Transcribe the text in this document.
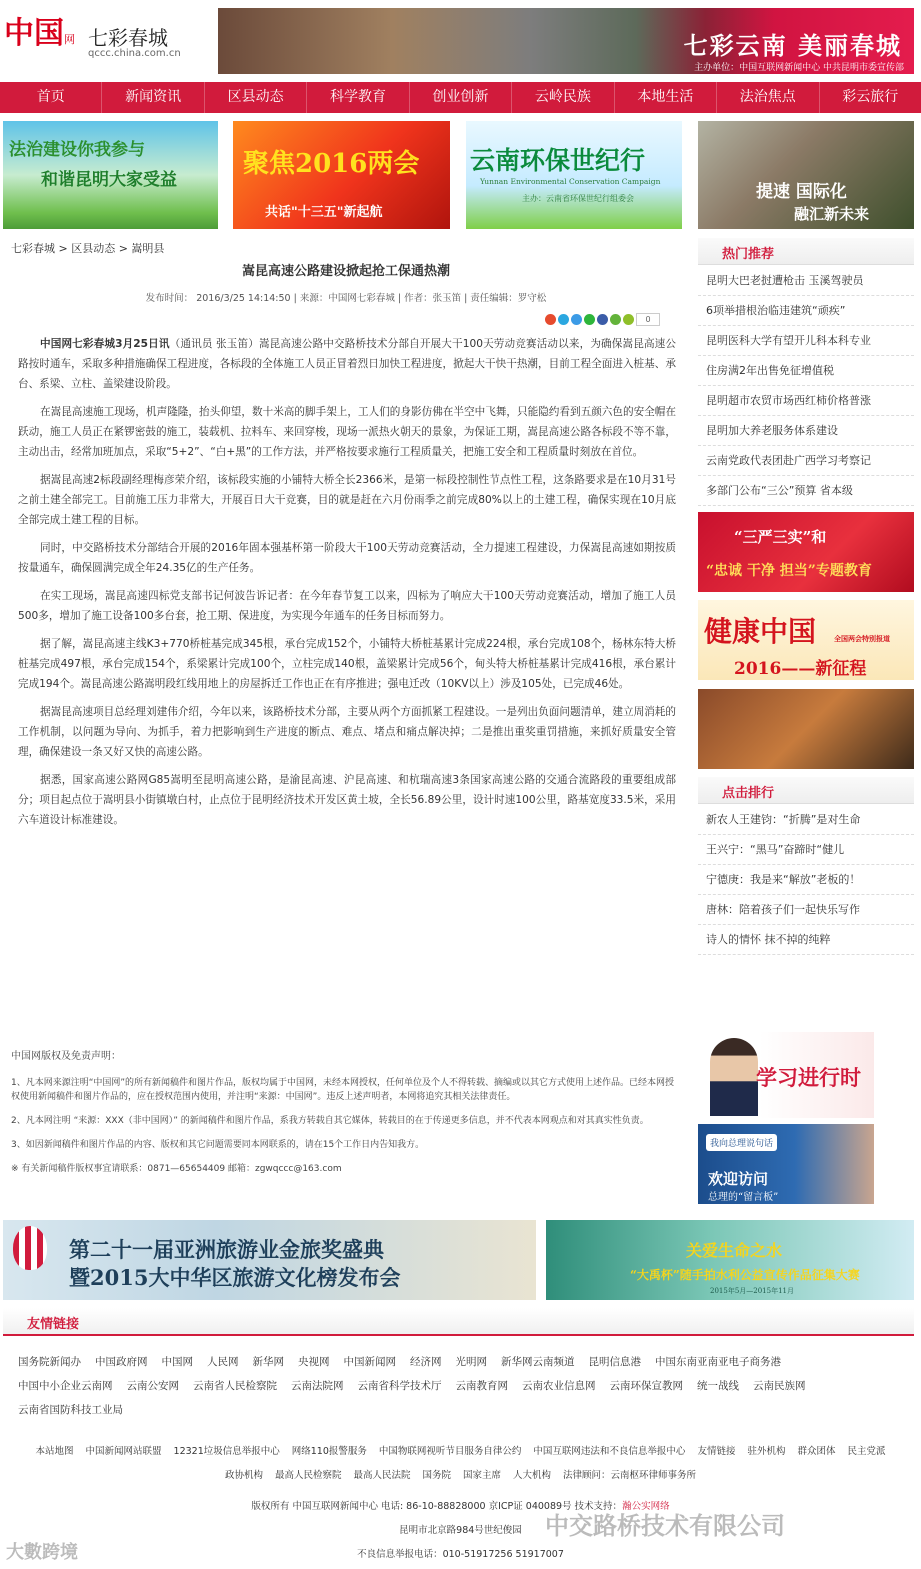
中国网 七彩春城
qccc.china.com.cn	七彩云南 美丽春城
主办单位：中国互联网新闻中心 中共昆明市委宣传部
首页	新闻资讯	区县动态	科学教育	创业创新	云岭民族	本地生活	法治焦点	彩云旅行
法治建设你我参与
和谐昆明大家受益
聚焦2016两会
共话"十三五"新起航
云南环保世纪行
Yunnan Environmental Conservation Campaign
主办：云南省环保世纪行组委会	提速 国际化
融汇新未来
七彩春城 > 区县动态 > 嵩明县
嵩昆高速公路建设掀起抢工保通热潮
发布时间： 2016/3/25 14:14:50 | 来源：中国网七彩春城 | 作者：张玉笛 | 责任编辑：罗守松
0

中国网七彩春城3月25日讯（通讯员 张玉笛）嵩昆高速公路中交路桥技术分部自开展大干100天劳动竞赛活动以来，为确保嵩昆高速公路按时通车，采取多种措施确保工程进度，各标段的全体施工人员正冒着烈日加快工程进度，掀起大干快干热潮，目前工程全面进入桩基、承台、系梁、立柱、盖梁建设阶段。

在嵩昆高速施工现场，机声隆隆，抬头仰望，数十米高的脚手架上，工人们的身影仿佛在半空中飞舞，只能隐约看到五颜六色的安全帽在跃动，施工人员正在紧锣密鼓的施工，装载机、拉料车、来回穿梭，现场一派热火朝天的景象，为保证工期，嵩昆高速公路各标段不等不靠，主动出击，经常加班加点，采取“5+2”、“白+黑”的工作方法，并严格按要求施行工程质量关，把施工安全和工程质量时刻放在首位。

据嵩昆高速2标段副经理梅彦荣介绍，该标段实施的小铺特大桥全长2366米，是第一标段控制性节点性工程，这条路要求是在10月31号之前土建全部完工。目前施工压力非常大，开展百日大干竞赛，目的就是赶在六月份雨季之前完成80%以上的土建工程，确保实现在10月底全部完成土建工程的目标。

同时，中交路桥技术分部结合开展的2016年固本强基杯第一阶段大干100天劳动竞赛活动，全力提速工程建设，力保嵩昆高速如期按质按量通车，确保圆满完成全年24.35亿的生产任务。

在实工现场，嵩昆高速四标党支部书记何波告诉记者：在今年春节复工以来，四标为了响应大干100天劳动竞赛活动，增加了施工人员500多，增加了施工设备100多台套，抢工期、保进度，为实现今年通车的任务目标而努力。

据了解，嵩昆高速主线K3+770桥桩基完成345根，承台完成152个，小铺特大桥桩基累计完成224根，承台完成108个，杨林东特大桥桩基完成497根，承台完成154个，系梁累计完成100个，立柱完成140根，盖梁累计完成56个，甸头特大桥桩基累计完成416根，承台累计完成194个。嵩昆高速公路嵩明段红线用地上的房屋拆迁工作也正在有序推进；强电迁改（10KV以上）涉及105处，已完成46处。

据嵩昆高速项目总经理刘建伟介绍，今年以来，该路桥技术分部，主要从两个方面抓紧工程建设。一是列出负面问题清单，建立周消耗的工作机制，以问题为导向、为抓手，着力把影响到生产进度的断点、难点、堵点和痛点解决掉；二是推出重奖重罚措施，来抓好质量安全管理，确保建设一条又好又快的高速公路。

据悉，国家高速公路网G85嵩明至昆明高速公路，是渝昆高速、沪昆高速、和杭瑞高速3条国家高速公路的交通合流路段的重要组成部分；项目起点位于嵩明县小街镇墩白村，止点位于昆明经济技术开发区黄土坡，全长56.89公里，设计时速100公里，路基宽度33.5米，采用六车道设计标准建设。

热门推荐
昆明大巴老挝遭枪击 玉溪驾驶员
6项举措根治临违建筑“顽疾”
昆明医科大学有望开儿科本科专业
住房满2年出售免征增值税
昆明超市农贸市场西红柿价格普涨
昆明加大养老服务体系建设
云南党政代表团赴广西学习考察记
多部门公布“三公”预算 省本级
“三严三实”和
“忠诚 干净 担当”专题教育
健康中国
2016——新征程
全国两会特别报道
点击排行
新农人王建钧：“折腾”是对生命
王兴宁：“黑马”奋蹄时“健儿
宁德庚：我是来“解放”老板的！
唐林：陪着孩子们一起快乐写作
诗人的情怀 抹不掉的纯粹
中国网版权及免责声明：

1、凡本网来源注明“中国网”的所有新闻稿件和图片作品，版权均属于中国网，未经本网授权，任何单位及个人不得转载、摘编或以其它方式使用上述作品。已经本网授权使用新闻稿件和图片作品的，应在授权范围内使用，并注明“来源：中国网”。违反上述声明者，本网将追究其相关法律责任。

2、凡本网注明 “来源：XXX（非中国网）” 的新闻稿件和图片作品，系我方转载自其它媒体，转载目的在于传递更多信息，并不代表本网观点和对其真实性负责。

3、如因新闻稿件和图片作品的内容、版权和其它问题需要同本网联系的，请在15个工作日内告知我方。

※ 有关新闻稿件版权事宜请联系：0871—65654409 邮箱：zgwqccc@163.com

学习进行时
我向总理说句话
欢迎访问
总理的“留言板”
第二十一届亚洲旅游业金旅奖盛典
暨2015大中华区旅游文化榜发布会
关爱生命之水
“大禹杯”随手拍水利公益宣传作品征集大赛
2015年5月—2015年11月
友情链接
国务院新闻办 中国政府网 中国网 人民网 新华网 央视网 中国新闻网 经济网 光明网 新华网云南频道 昆明信息港 中国东南亚南亚电子商务港中国中小企业云南网 云南公安网 云南省人民检察院 云南法院网 云南省科学技术厅 云南教育网 云南农业信息网 云南环保宣教网 统一战线 云南民族网云南省国防科技工业局
本站地图 中国新闻网站联盟 12321垃圾信息举报中心 网络110报警服务 中国物联网视听节目服务自律公约 中国互联网违法和不良信息举报中心 友情链接 驻外机构 群众团体 民主党派
政协机构 最高人民检察院 最高人民法院 国务院 国家主席 人大机构 法律顾问：云南枢环律师事务所
版权所有 中国互联网新闻中心 电话: 86-10-88828000 京ICP证 040089号 技术支持：瀚公实网络
昆明市北京路984号世纪俊园
不良信息举报电话：010-51917256 51917007
大數跨境
中交路桥技术有限公司
